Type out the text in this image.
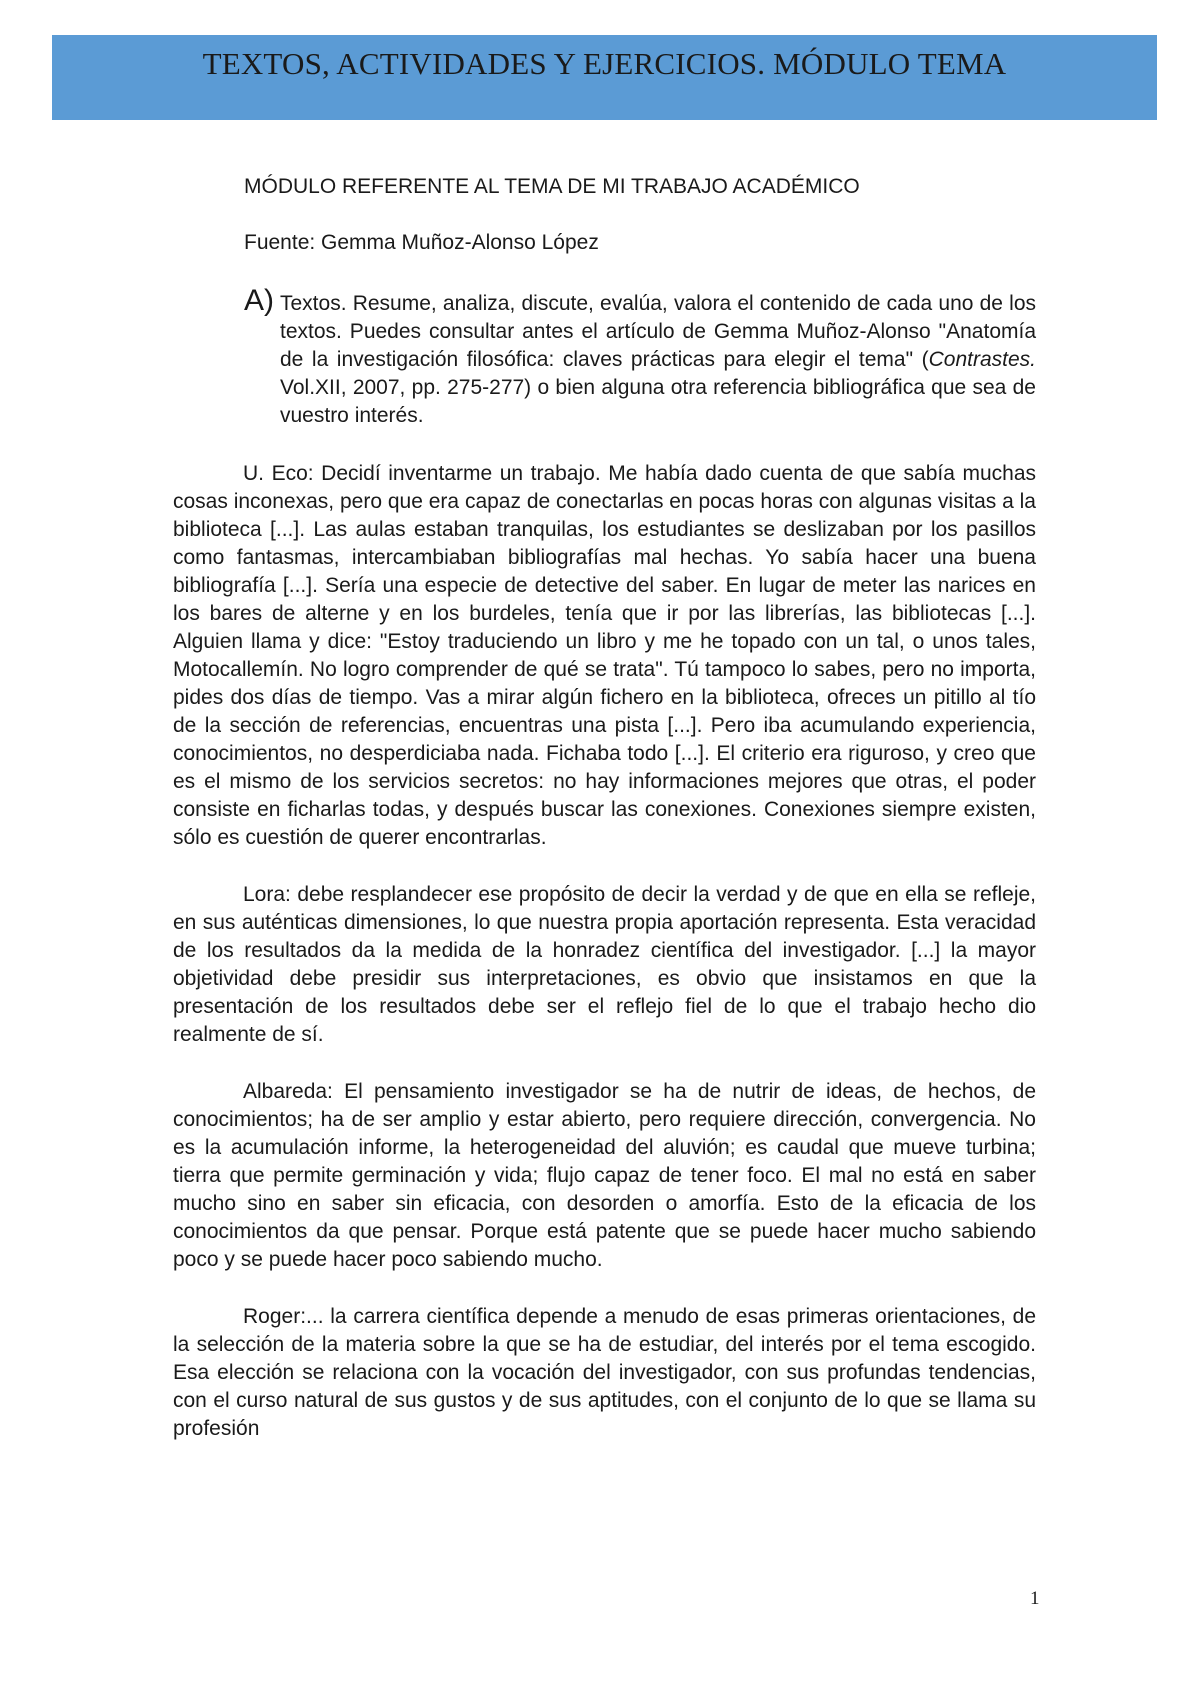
TEXTOS, ACTIVIDADES Y EJERCICIOS. MÓDULO TEMA
MÓDULO REFERENTE AL TEMA DE MI TRABAJO ACADÉMICO

Fuente: Gemma Muñoz-Alonso López

A) Textos. Resume, analiza, discute, evalúa, valora el contenido de cada uno de los textos. Puedes consultar antes el artículo de Gemma Muñoz-Alonso "Anatomía de la investigación filosófica: claves prácticas para elegir el tema" (Contrastes. Vol.XII, 2007, pp. 275-277) o bien alguna otra referencia bibliográfica que sea de vuestro interés.

U. Eco: Decidí inventarme un trabajo. Me había dado cuenta de que sabía muchas cosas inconexas, pero que era capaz de conectarlas en pocas horas con algunas visitas a la biblioteca [...]. Las aulas estaban tranquilas, los estudiantes se deslizaban por los pasillos como fantasmas, intercambiaban bibliografías mal hechas. Yo sabía hacer una buena bibliografía [...]. Sería una especie de detective del saber. En lugar de meter las narices en los bares de alterne y en los burdeles, tenía que ir por las librerías, las bibliotecas [...]. Alguien llama y dice: "Estoy traduciendo un libro y me he topado con un tal, o unos tales, Motocallemín. No logro comprender de qué se trata". Tú tampoco lo sabes, pero no importa, pides dos días de tiempo. Vas a mirar algún fichero en la biblioteca, ofreces un pitillo al tío de la sección de referencias, encuentras una pista [...]. Pero iba acumulando experiencia, conocimientos, no desperdiciaba nada. Fichaba todo [...]. El criterio era riguroso, y creo que es el mismo de los servicios secretos: no hay informaciones mejores que otras, el poder consiste en ficharlas todas, y después buscar las conexiones. Conexiones siempre existen, sólo es cuestión de querer encontrarlas.

Lora: debe resplandecer ese propósito de decir la verdad y de que en ella se refleje, en sus auténticas dimensiones, lo que nuestra propia aportación representa. Esta veracidad de los resultados da la medida de la honradez científica del investigador. [...] la mayor objetividad debe presidir sus interpretaciones, es obvio que insistamos en que la presentación de los resultados debe ser el reflejo fiel de lo que el trabajo hecho dio realmente de sí.

Albareda: El pensamiento investigador se ha de nutrir de ideas, de hechos, de conocimientos; ha de ser amplio y estar abierto, pero requiere dirección, convergencia. No es la acumulación informe, la heterogeneidad del aluvión; es caudal que mueve turbina; tierra que permite germinación y vida; flujo capaz de tener foco. El mal no está en saber mucho sino en saber sin eficacia, con desorden o amorfía. Esto de la eficacia de los conocimientos da que pensar. Porque está patente que se puede hacer mucho sabiendo poco y se puede hacer poco sabiendo mucho.

Roger:... la carrera científica depende a menudo de esas primeras orientaciones, de la selección de la materia sobre la que se ha de estudiar, del interés por el tema escogido. Esa elección se relaciona con la vocación del investigador, con sus profundas tendencias, con el curso natural de sus gustos y de sus aptitudes, con el conjunto de lo que se llama su profesión

1
